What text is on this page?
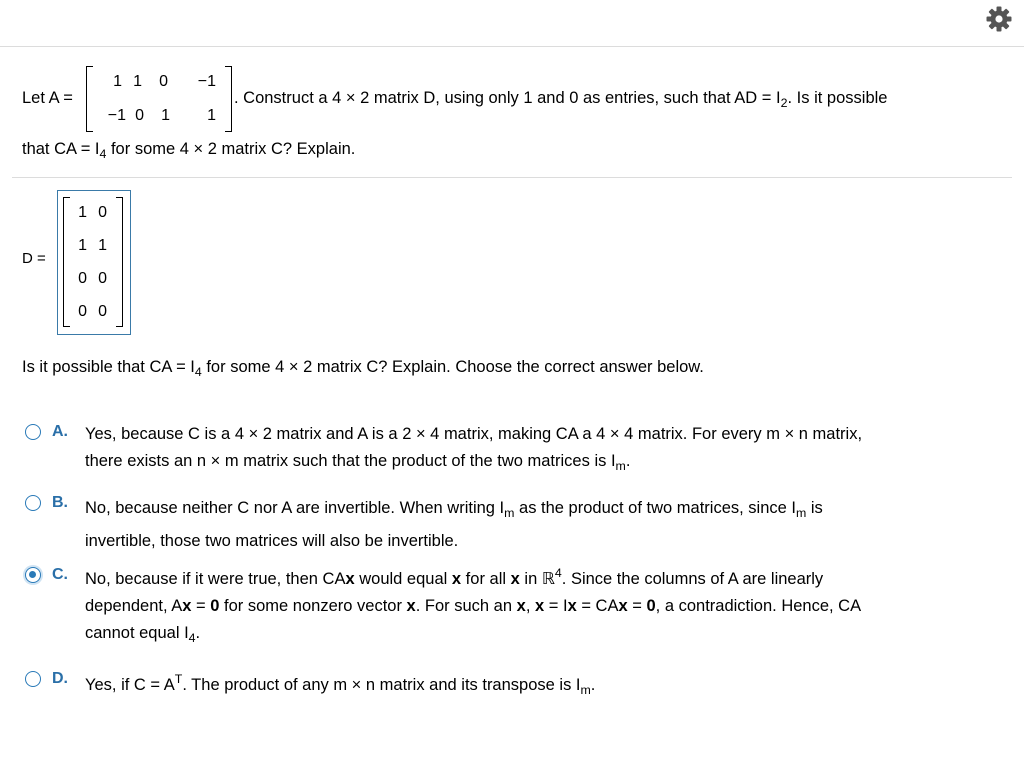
Let A =
1 1	0	−1
−1 0	1	1
. Construct a 4 × 2 matrix D, using only 1 and 0 as entries, such that AD = $I_2$. Is it possible
that CA = $I_4$ for some 4 × 2 matrix C? Explain.
D =
1 0
1 1
0 0
0 0
Is it possible that CA = $I_4$ for some 4 × 2 matrix C? Explain. Choose the correct answer below.
A. Yes, because C is a 4 × 2 matrix and A is a 2 × 4 matrix, making CA a 4 × 4 matrix. For every m × n matrix,
there exists an n × m matrix such that the product of the two matrices is $I_m$.
B. No, because neither C nor A are invertible. When writing $I_m$ as the product of two matrices, since $I_m$ is
invertible, those two matrices will also be invertible.
C. No, because if it were true, then CAx would equal x for all x in ℝ$^4$. Since the columns of A are linearly
dependent, Ax = 0 for some nonzero vector x. For such an x, x = Ix = CAx = 0, a contradiction. Hence, CA
cannot equal $I_4$.
D. Yes, if $C = A^T$. The product of any m × n matrix and its transpose is $I_m$.
